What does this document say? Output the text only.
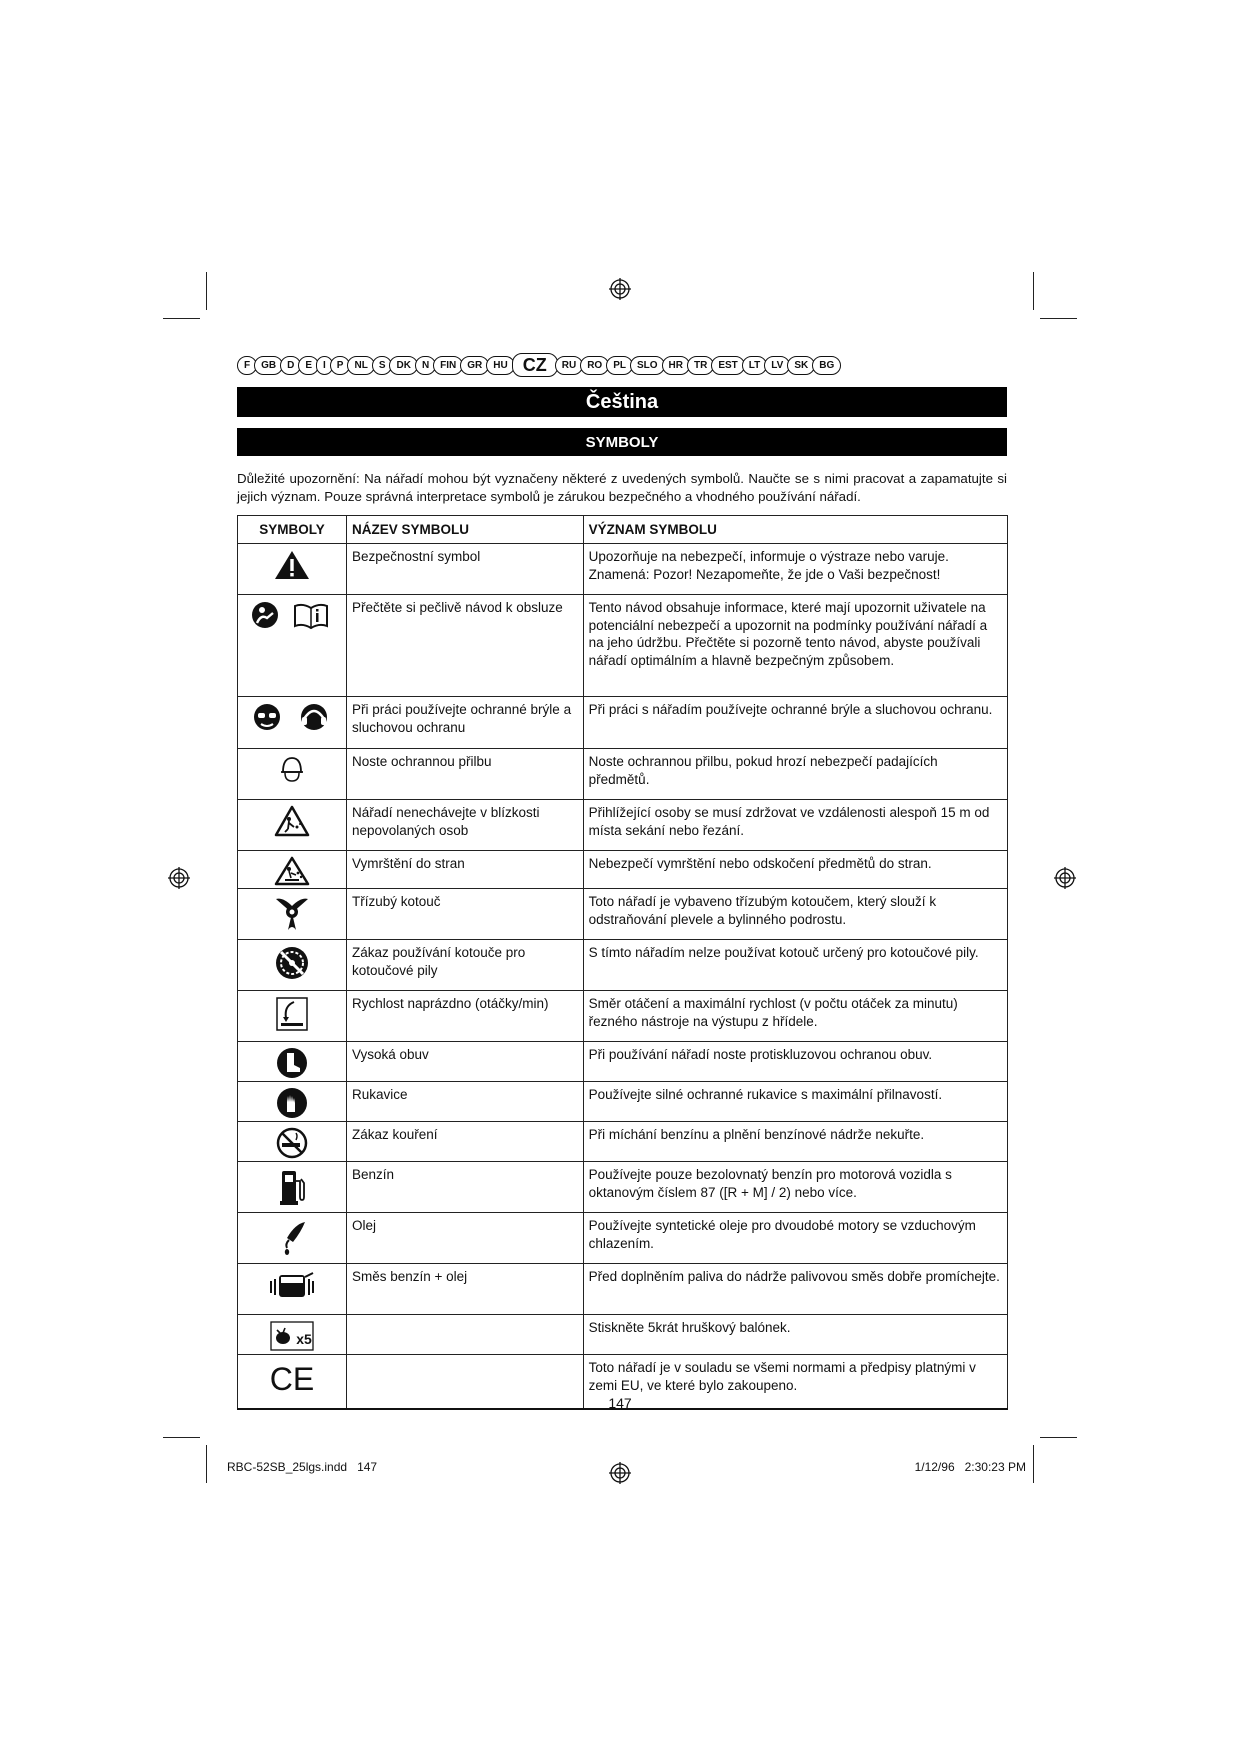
F	GB	D	E	I	P	NL	S	DK	N	FIN	GR	HU CZ	RU	RO	PL	SLO	HR	TR	EST	LT	LV	SK	BG
Čeština
SYMBOLY
Důležité upozornění: Na nářadí mohou být vyznačeny některé z uvedených symbolů. Naučte se s nimi pracovat a zapamatujte si jejich význam. Pouze správná interpretace symbolů je zárukou bezpečného a vhodného používání nářadí.
SYMBOLY	NÁZEV SYMBOLU	VÝZNAM SYMBOLU
	Bezpečnostní symbol	Upozorňuje na nebezpečí, informuje o výstraze nebo varuje. Znamená: Pozor! Nezapomeňte, že jde o Vaši bezpečnost!
	Přečtěte si pečlivě návod k obsluze	Tento návod obsahuje informace, které mají upozornit uživatele na potenciální nebezpečí a upozornit na podmínky používání nářadí a na jeho údržbu. Přečtěte si pozorně tento návod, abyste používali nářadí optimálním a hlavně bezpečným způsobem.
	Při práci používejte ochranné brýle a sluchovou ochranu	Při práci s nářadím používejte ochranné brýle a sluchovou ochranu.
	Noste ochrannou přilbu	Noste ochrannou přilbu, pokud hrozí nebezpečí padajících předmětů.
	Nářadí nenechávejte v blízkosti nepovolaných osob	Přihlížející osoby se musí zdržovat ve vzdálenosti alespoň 15 m od místa sekání nebo řezání.
	Vymrštění do stran	Nebezpečí vymrštění nebo odskočení předmětů do stran.
	Třízubý kotouč	Toto nářadí je vybaveno třízubým kotoučem, který slouží k odstraňování plevele a bylinného podrostu.
	Zákaz používání kotouče pro kotoučové pily	S tímto nářadím nelze používat kotouč určený pro kotoučové pily.
	Rychlost naprázdno (otáčky/min)	Směr otáčení a maximální rychlost (v počtu otáček za minutu) řezného nástroje na výstupu z hřídele.
	Vysoká obuv	Při používání nářadí noste protiskluzovou ochranou obuv.
	Rukavice	Používejte silné ochranné rukavice s maximální přilnavostí.
	Zákaz kouření	Při míchání benzínu a plnění benzínové nádrže nekuřte.
	Benzín	Používejte pouze bezolovnatý benzín pro motorová vozidla s oktanovým číslem 87 ([R + M] / 2) nebo více.
	Olej	Používejte syntetické oleje pro dvoudobé motory se vzduchovým chlazením.
	Směs benzín + olej	Před doplněním paliva do nádrže palivovou směs dobře promíchejte.

x5		Stiskněte 5krát hruškový balónek.

CE		Toto nářadí je v souladu se všemi normami a předpisy platnými v zemi EU, ve které bylo zakoupeno.
147
RBC-52SB_25lgs.indd   147	1/12/96   2:30:23 PM
